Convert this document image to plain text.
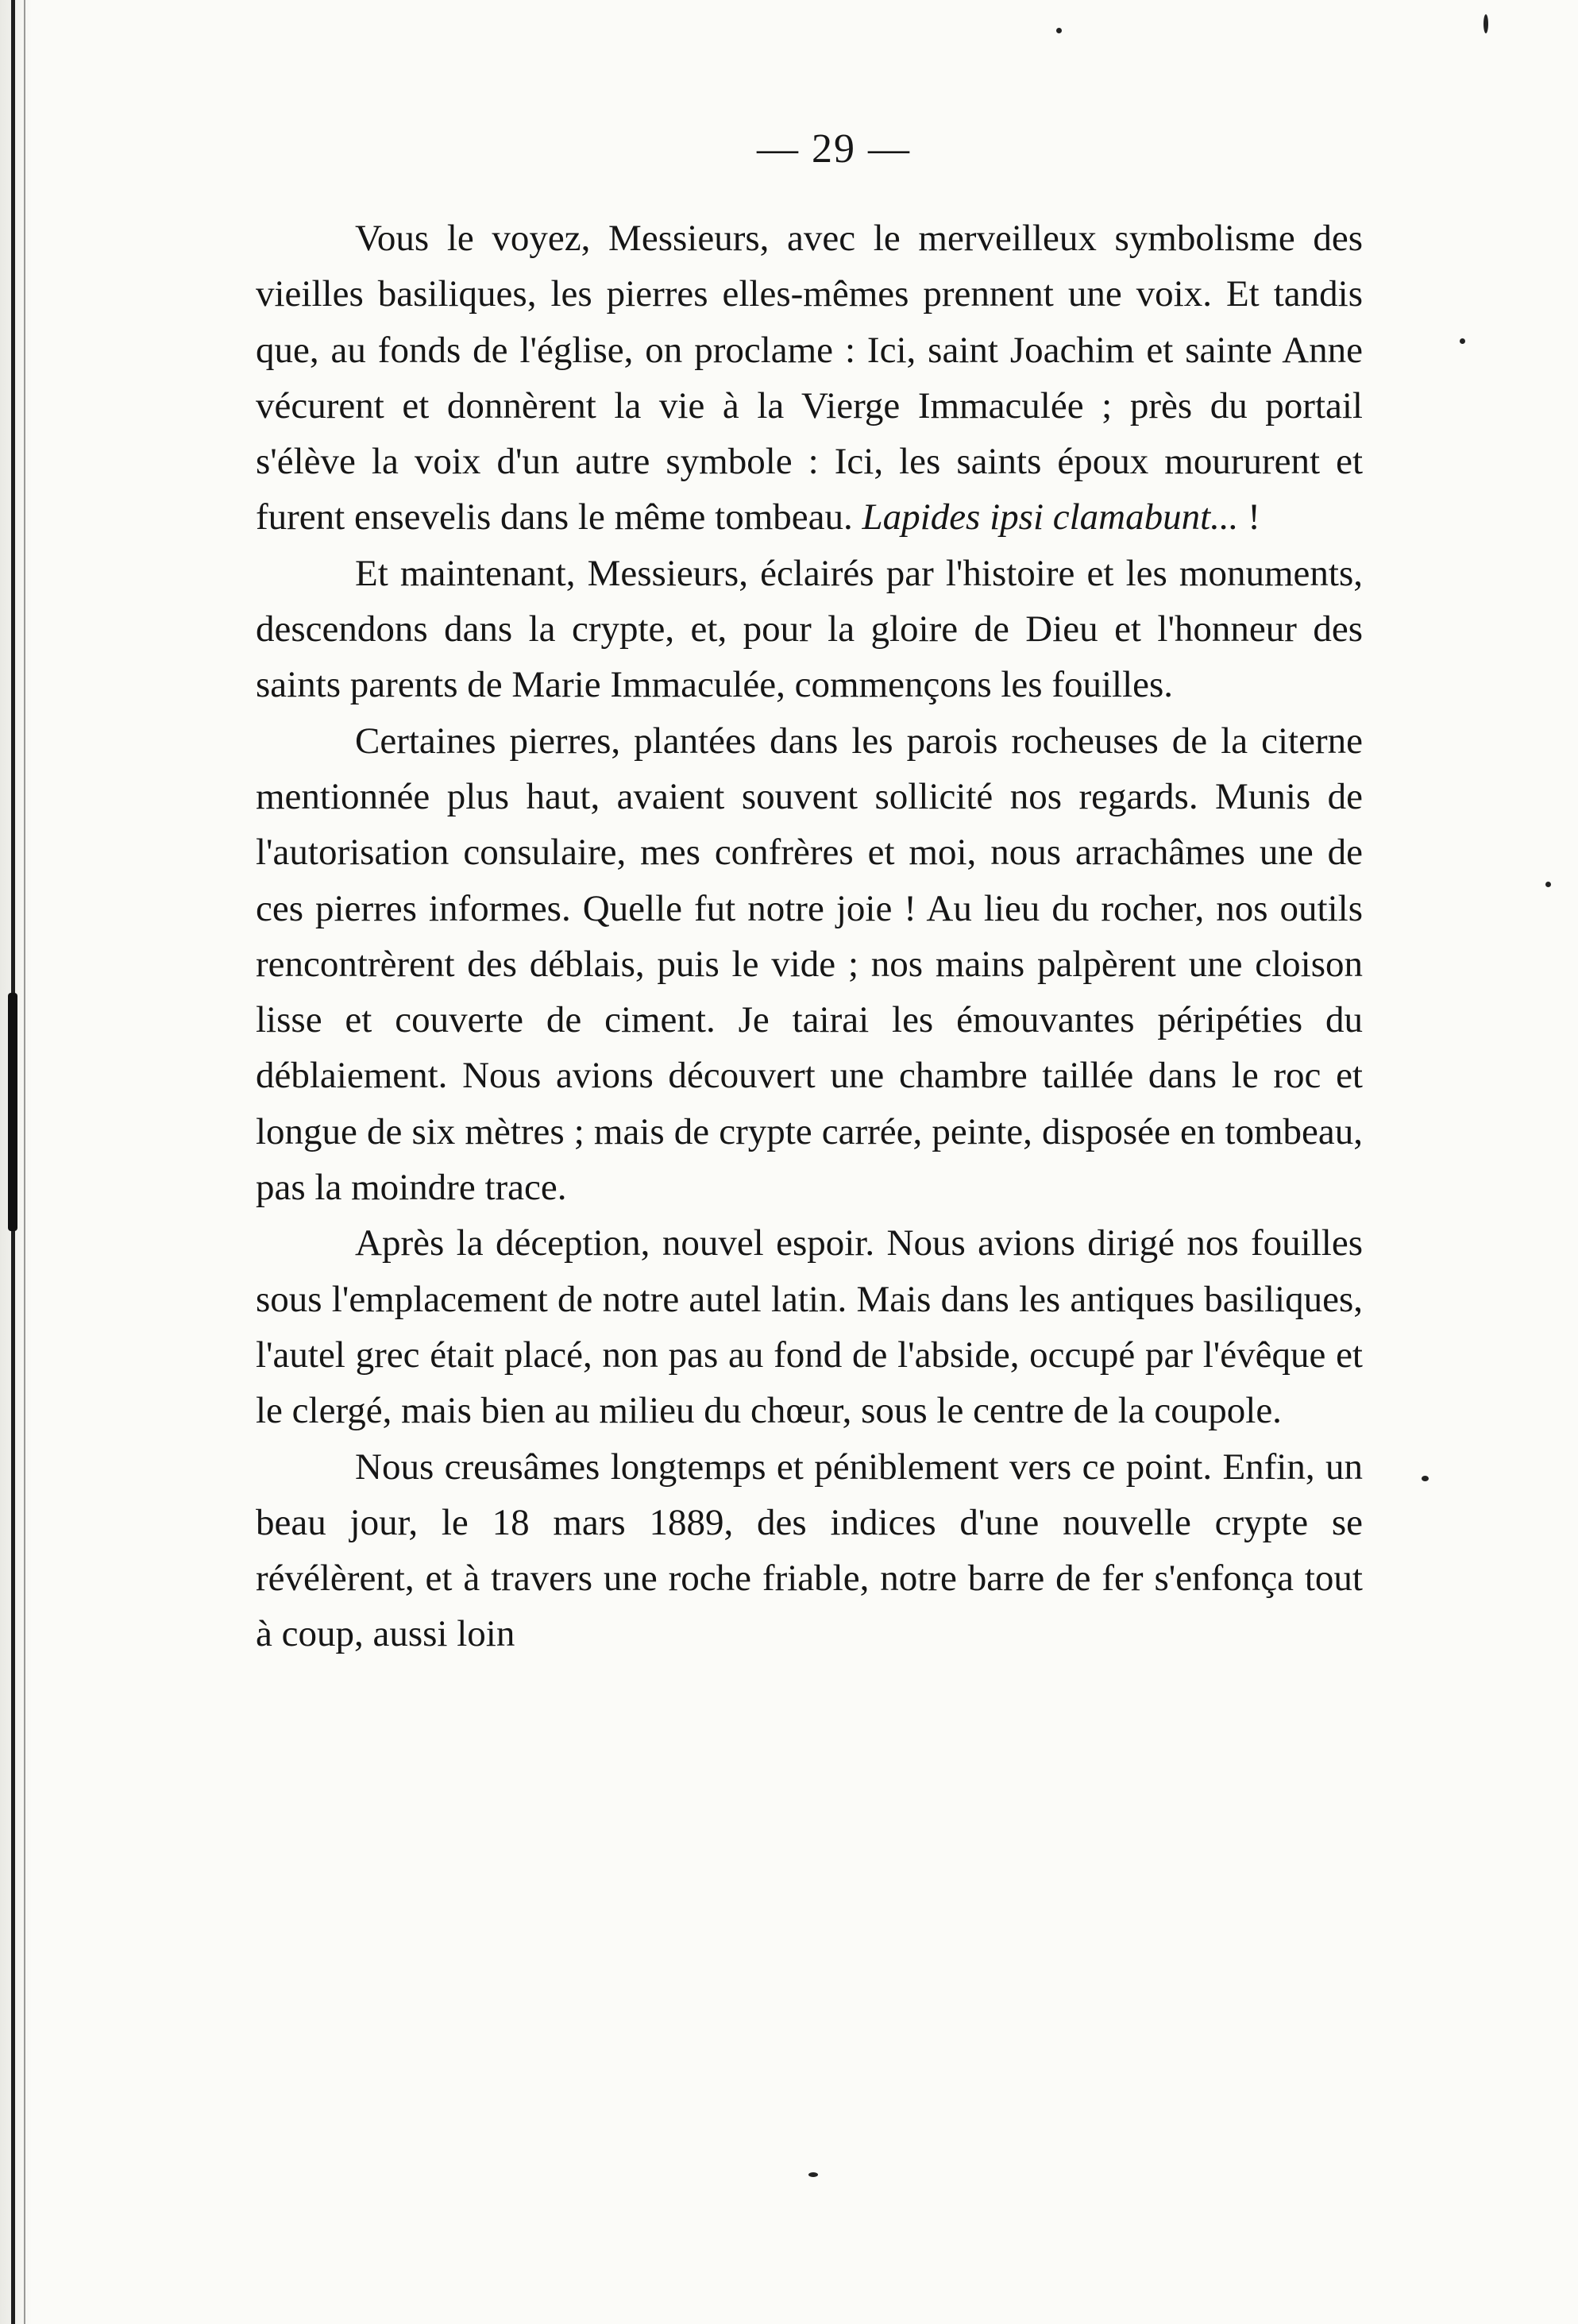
— 29 —

Vous le voyez, Messieurs, avec le merveilleux symbolisme des vieilles basiliques, les pierres elles-mêmes prennent une voix. Et tandis que, au fonds de l'église, on proclame : Ici, saint Joachim et sainte Anne vécurent et donnèrent la vie à la Vierge Immaculée ; près du portail s'élève la voix d'un autre symbole : Ici, les saints époux moururent et furent ensevelis dans le même tombeau. Lapides ipsi clamabunt... !

Et maintenant, Messieurs, éclairés par l'histoire et les monuments, descendons dans la crypte, et, pour la gloire de Dieu et l'honneur des saints parents de Marie Immaculée, commençons les fouilles.

Certaines pierres, plantées dans les parois rocheuses de la citerne mentionnée plus haut, avaient souvent sollicité nos regards. Munis de l'autorisation consulaire, mes confrères et moi, nous arrachâmes une de ces pierres informes. Quelle fut notre joie ! Au lieu du rocher, nos outils rencontrèrent des déblais, puis le vide ; nos mains palpèrent une cloison lisse et couverte de ciment. Je tairai les émouvantes péripéties du déblaiement. Nous avions découvert une chambre taillée dans le roc et longue de six mètres ; mais de crypte carrée, peinte, disposée en tombeau, pas la moindre trace.

Après la déception, nouvel espoir. Nous avions dirigé nos fouilles sous l'emplacement de notre autel latin. Mais dans les antiques basiliques, l'autel grec était placé, non pas au fond de l'abside, occupé par l'évêque et le clergé, mais bien au milieu du chœur, sous le centre de la coupole.

Nous creusâmes longtemps et péniblement vers ce point. Enfin, un beau jour, le 18 mars 1889, des indices d'une nouvelle crypte se révélèrent, et à travers une roche friable, notre barre de fer s'enfonça tout à coup, aussi loin
